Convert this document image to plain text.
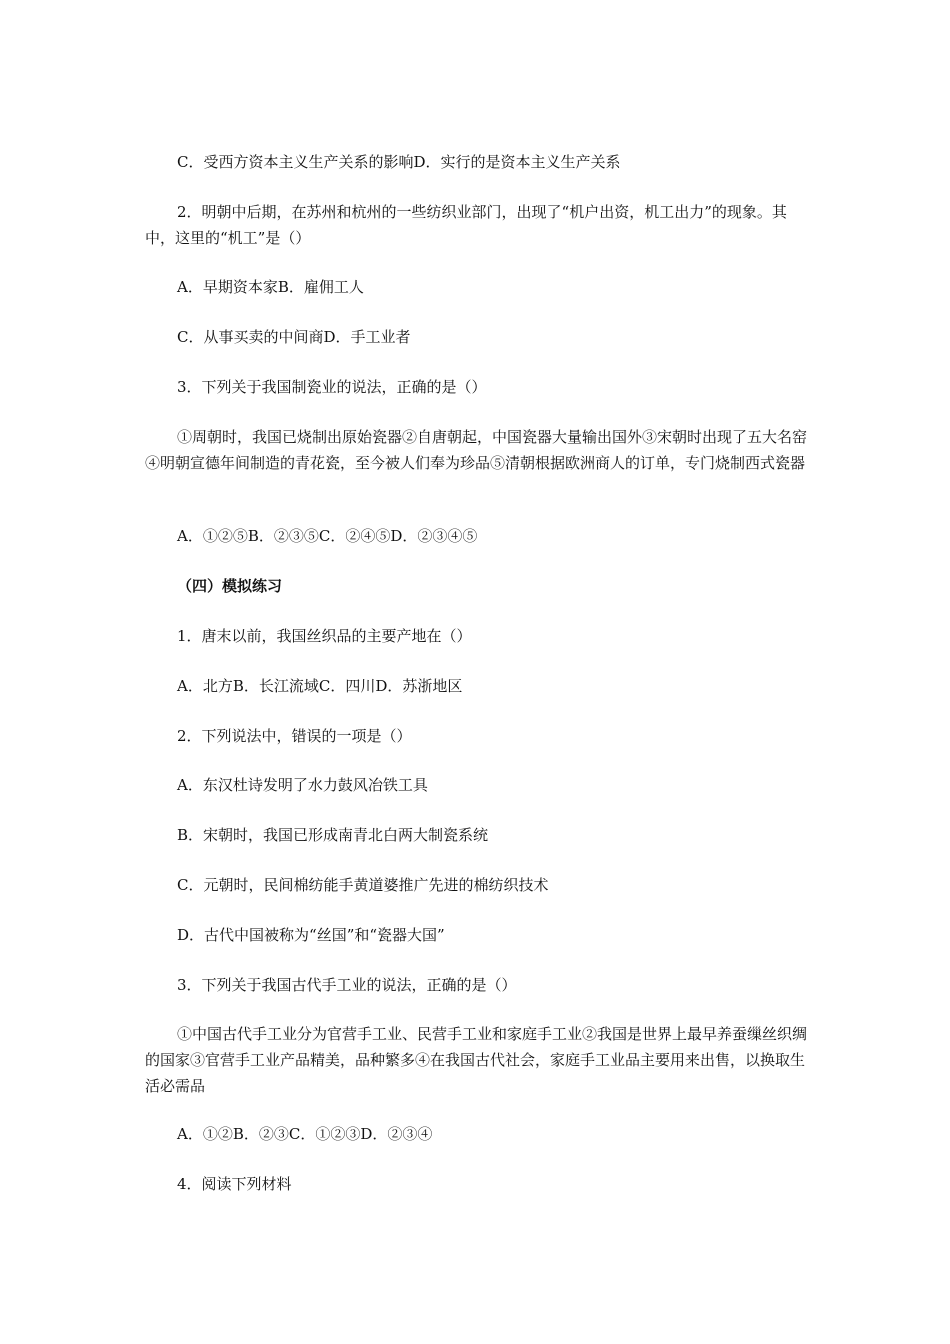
C．受西方资本主义生产关系的影响D．实行的是资本主义生产关系

2．明朝中后期，在苏州和杭州的一些纺织业部门，出现了“机户出资，机工出力”的现象。其中，这里的“机工”是（）

A．早期资本家B．雇佣工人

C．从事买卖的中间商D．手工业者

3．下列关于我国制瓷业的说法，正确的是（）

①周朝时，我国已烧制出原始瓷器②自唐朝起，中国瓷器大量输出国外③宋朝时出现了五大名窑④明朝宣德年间制造的青花瓷，至今被人们奉为珍品⑤清朝根据欧洲商人的订单，专门烧制西式瓷器

A．①②⑤B．②③⑤C．②④⑤D．②③④⑤

（四）模拟练习

1．唐末以前，我国丝织品的主要产地在（）

A．北方B．长江流域C．四川D．苏浙地区

2．下列说法中，错误的一项是（）

A．东汉杜诗发明了水力鼓风冶铁工具

B．宋朝时，我国已形成南青北白两大制瓷系统

C．元朝时，民间棉纺能手黄道婆推广先进的棉纺织技术

D．古代中国被称为“丝国”和“瓷器大国”

3．下列关于我国古代手工业的说法，正确的是（）

①中国古代手工业分为官营手工业、民营手工业和家庭手工业②我国是世界上最早养蚕缫丝织绸的国家③官营手工业产品精美，品种繁多④在我国古代社会，家庭手工业品主要用来出售，以换取生活必需品

A．①②B．②③C．①②③D．②③④

4．阅读下列材料
